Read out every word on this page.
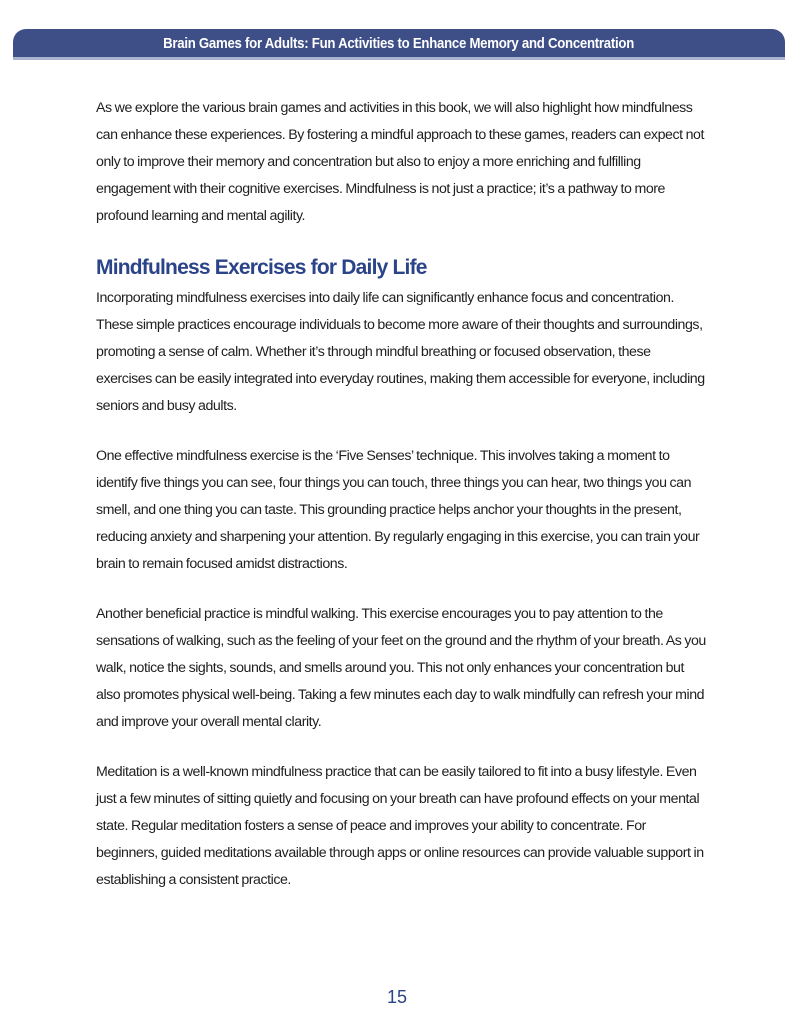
Brain Games for Adults: Fun Activities to Enhance Memory and Concentration

As we explore the various brain games and activities in this book, we will also highlight how mindfulness can enhance these experiences. By fostering a mindful approach to these games, readers can expect not only to improve their memory and concentration but also to enjoy a more enriching and fulfilling engagement with their cognitive exercises. Mindfulness is not just a practice; it’s a pathway to more profound learning and mental agility.

Mindfulness Exercises for Daily Life

Incorporating mindfulness exercises into daily life can significantly enhance focus and concentration. These simple practices encourage individuals to become more aware of their thoughts and surroundings, promoting a sense of calm. Whether it’s through mindful breathing or focused observation, these exercises can be easily integrated into everyday routines, making them accessible for everyone, including seniors and busy adults.

One effective mindfulness exercise is the ‘Five Senses’ technique. This involves taking a moment to identify five things you can see, four things you can touch, three things you can hear, two things you can smell, and one thing you can taste. This grounding practice helps anchor your thoughts in the present, reducing anxiety and sharpening your attention. By regularly engaging in this exercise, you can train your brain to remain focused amidst distractions.

Another beneficial practice is mindful walking. This exercise encourages you to pay attention to the sensations of walking, such as the feeling of your feet on the ground and the rhythm of your breath. As you walk, notice the sights, sounds, and smells around you. This not only enhances your concentration but also promotes physical well-being. Taking a few minutes each day to walk mindfully can refresh your mind and improve your overall mental clarity.

Meditation is a well-known mindfulness practice that can be easily tailored to fit into a busy lifestyle. Even just a few minutes of sitting quietly and focusing on your breath can have profound effects on your mental state. Regular meditation fosters a sense of peace and improves your ability to concentrate. For beginners, guided meditations available through apps or online resources can provide valuable support in establishing a consistent practice.

15
